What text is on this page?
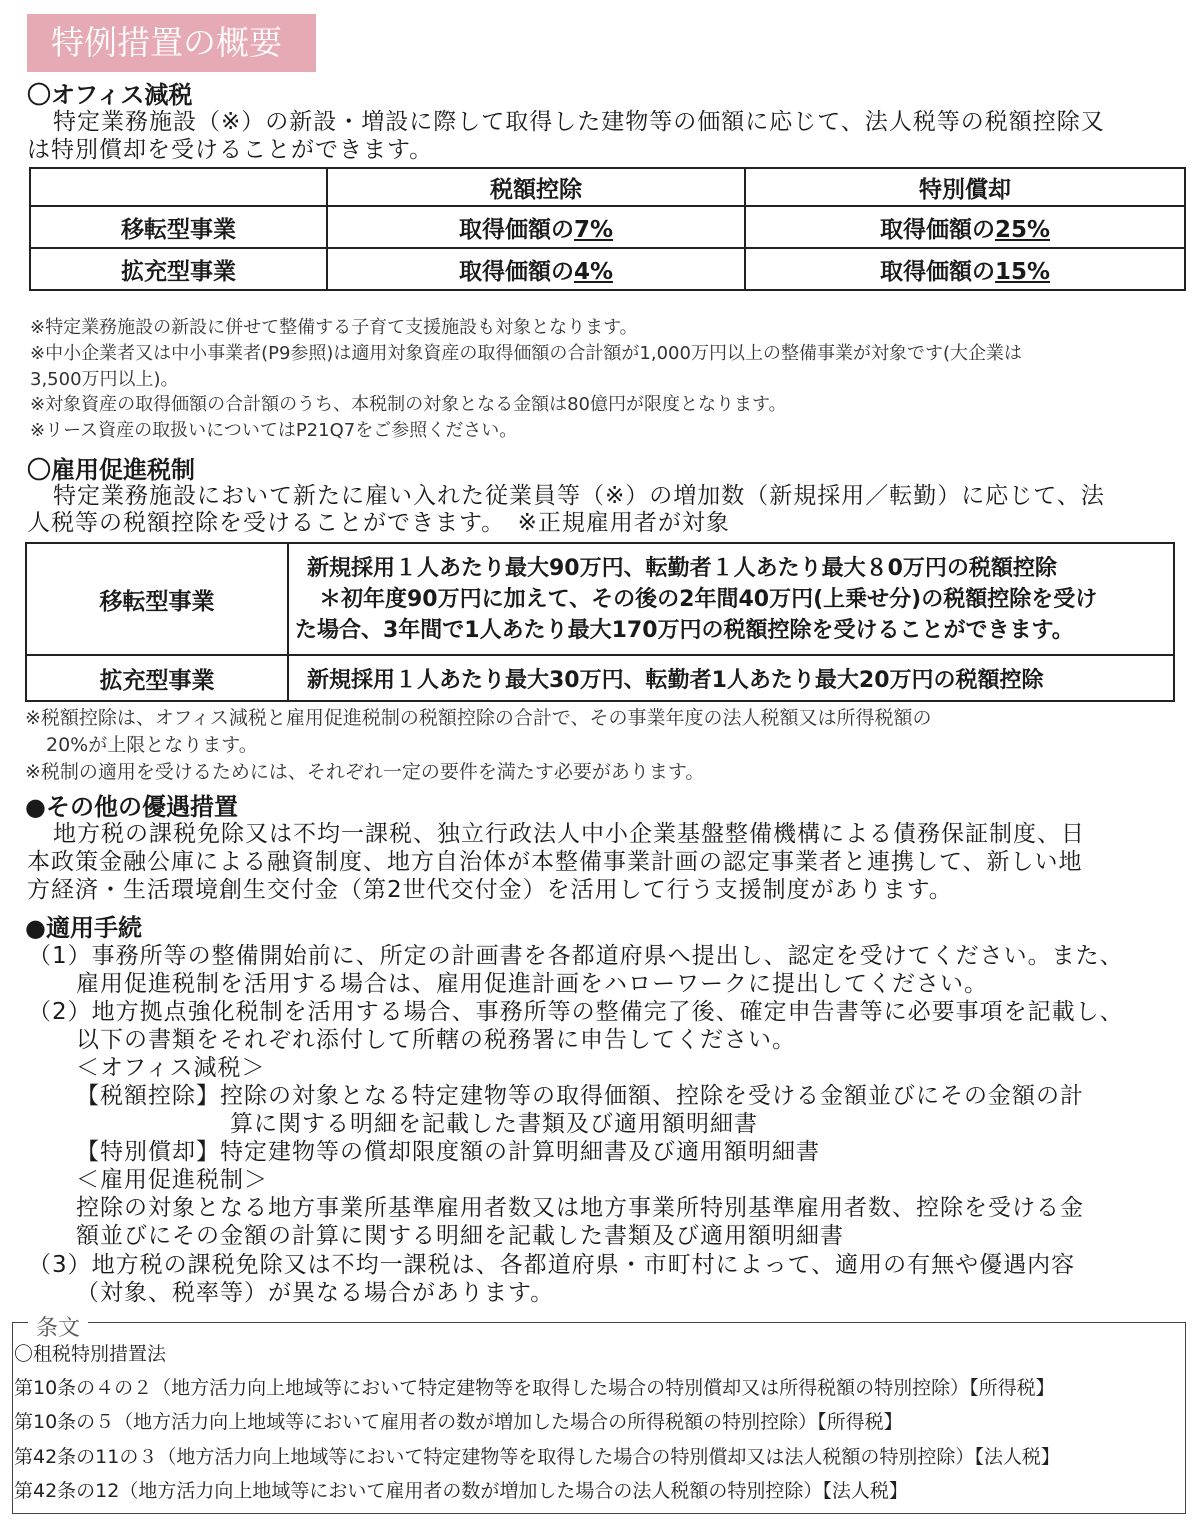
特例措置の概要
〇オフィス減税
特定業務施設（※）の新設・増設に際して取得した建物等の価額に応じて、法人税等の税額控除又
は特別償却を受けることができます。
	税額控除	特別償却
移転型事業	取得価額の7%	取得価額の25%
拡充型事業	取得価額の4%	取得価額の15%
※特定業務施設の新設に併せて整備する子育て支援施設も対象となります。
※中小企業者又は中小事業者(P9参照)は適用対象資産の取得価額の合計額が1,000万円以上の整備事業が対象です(大企業は
3,500万円以上)。
※対象資産の取得価額の合計額のうち、本税制の対象となる金額は80億円が限度となります。
※リース資産の取扱いについてはP21Q7をご参照ください。
〇雇用促進税制
特定業務施設において新たに雇い入れた従業員等（※）の増加数（新規採用／転勤）に応じて、法
人税等の税額控除を受けることができます。　※正規雇用者が対象
移転型事業	新規採用１人あたり最大90万円、転勤者１人あたり最大８0万円の税額控除
＊初年度90万円に加えて、その後の2年間40万円(上乗せ分)の税額控除を受け
た場合、3年間で1人あたり最大170万円の税額控除を受けることができます。

拡充型事業	新規採用１人あたり最大30万円、転勤者1人あたり最大20万円の税額控除
※税額控除は、オフィス減税と雇用促進税制の税額控除の合計で、その事業年度の法人税額又は所得税額の
20%が上限となります。
※税制の適用を受けるためには、それぞれ一定の要件を満たす必要があります。
●その他の優遇措置
地方税の課税免除又は不均一課税、独立行政法人中小企業基盤整備機構による債務保証制度、日
本政策金融公庫による融資制度、地方自治体が本整備事業計画の認定事業者と連携して、新しい地
方経済・生活環境創生交付金（第2世代交付金）を活用して行う支援制度があります。
●適用手続
（1）事務所等の整備開始前に、所定の計画書を各都道府県へ提出し、認定を受けてください。また、
雇用促進税制を活用する場合は、雇用促進計画をハローワークに提出してください。
（2）地方拠点強化税制を活用する場合、事務所等の整備完了後、確定申告書等に必要事項を記載し、
以下の書類をそれぞれ添付して所轄の税務署に申告してください。
＜オフィス減税＞
【税額控除】控除の対象となる特定建物等の取得価額、控除を受ける金額並びにその金額の計
算に関する明細を記載した書類及び適用額明細書
【特別償却】特定建物等の償却限度額の計算明細書及び適用額明細書
＜雇用促進税制＞
控除の対象となる地方事業所基準雇用者数又は地方事業所特別基準雇用者数、控除を受ける金
額並びにその金額の計算に関する明細を記載した書類及び適用額明細書
（3）地方税の課税免除又は不均一課税は、各都道府県・市町村によって、適用の有無や優遇内容
（対象、税率等）が異なる場合があります。
条文
〇租税特別措置法
第10条の４の２（地方活力向上地域等において特定建物等を取得した場合の特別償却又は所得税額の特別控除）【所得税】
第10条の５（地方活力向上地域等において雇用者の数が増加した場合の所得税額の特別控除）【所得税】
第42条の11の３（地方活力向上地域等において特定建物等を取得した場合の特別償却又は法人税額の特別控除）【法人税】
第42条の12（地方活力向上地域等において雇用者の数が増加した場合の法人税額の特別控除）【法人税】
